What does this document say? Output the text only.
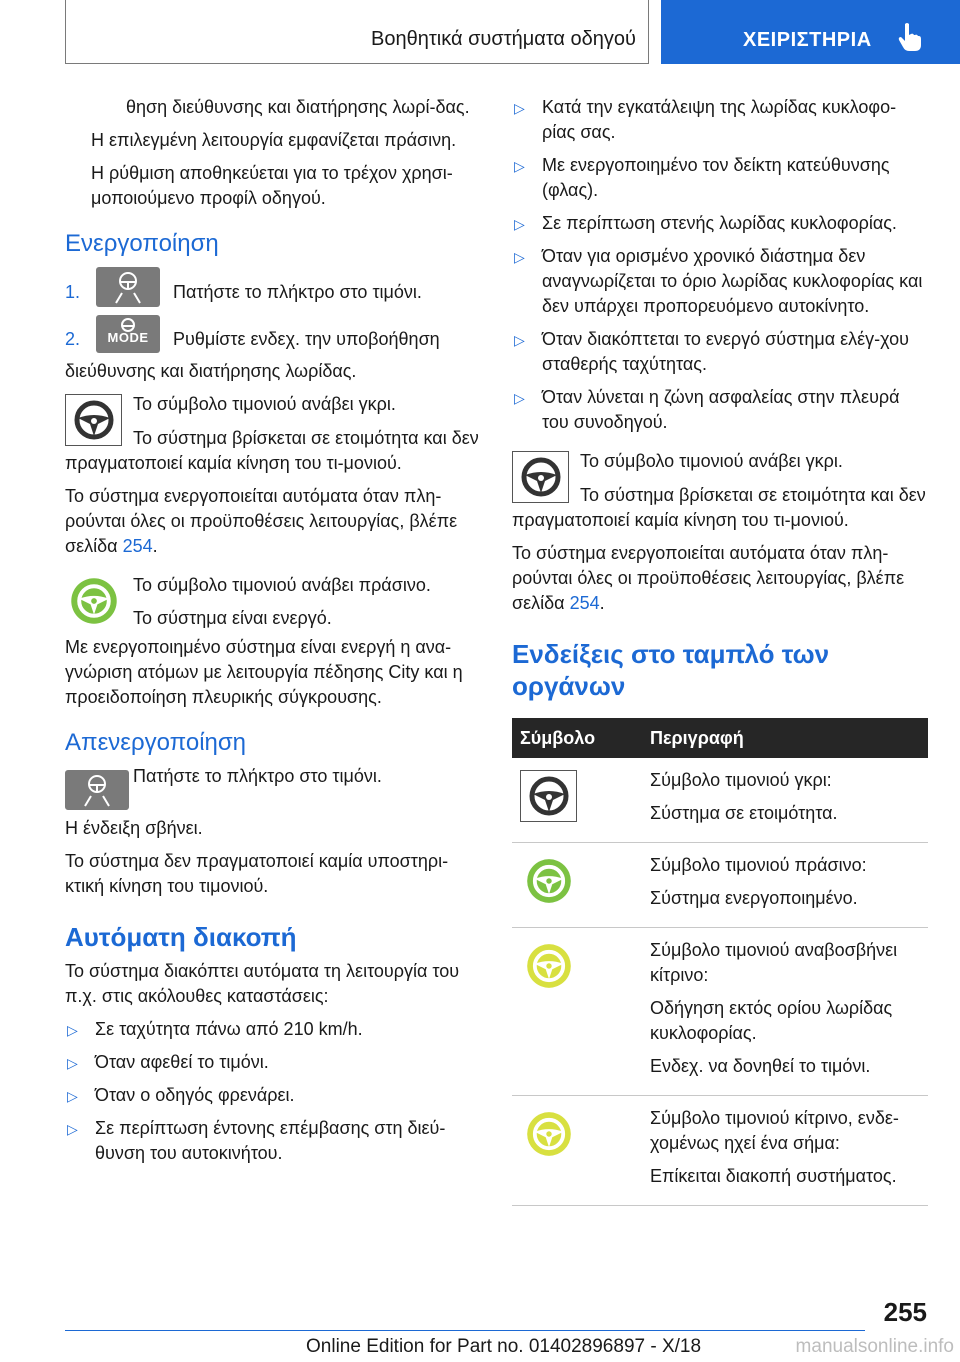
Βοηθητικά συστήματα οδηγού	ΧΕΙΡΙΣΤΗΡΙΑ

θηση διεύθυνσης και διατήρησης λωρί-δας.

Η επιλεγμένη λειτουργία εμφανίζεται πράσινη.

Η ρύθμιση αποθηκεύεται για το τρέχον χρησι-μοποιούμενο προφίλ οδηγού.

Ενεργοποίηση
1.	Πατήστε το πλήκτρο στο τιμόνι.
2.	MODE	Ρυθμίστε ενδεχ. την υποβοήθηση διεύθυνσης και διατήρησης λωρίδας.

Το σύμβολο τιμονιού ανάβει γκρι.

Το σύστημα βρίσκεται σε ετοιμότητα και δεν πραγματοποιεί καμία κίνηση του τι-μονιού.

Το σύστημα ενεργοποιείται αυτόματα όταν πλη-ρούνται όλες οι προϋποθέσεις λειτουργίας, βλέπε σελίδα 254.

Το σύμβολο τιμονιού ανάβει πράσινο.

Το σύστημα είναι ενεργό.

Με ενεργοποιημένο σύστημα είναι ενεργή η ανα-γνώριση ατόμων με λειτουργία πέδησης City και η προειδοποίηση πλευρικής σύγκρουσης.

Απενεργοποίηση

Πατήστε το πλήκτρο στο τιμόνι.

Η ένδειξη σβήνει.

Το σύστημα δεν πραγματοποιεί καμία υποστηρι-κτική κίνηση του τιμονιού.

Αυτόματη διακοπή

Το σύστημα διακόπτει αυτόματα τη λειτουργία του π.χ. στις ακόλουθες καταστάσεις:

▷ Σε ταχύτητα πάνω από 210 km/h.
▷ Όταν αφεθεί το τιμόνι.
▷ Όταν ο οδηγός φρενάρει.
▷ Σε περίπτωση έντονης επέμβασης στη διεύ-θυνση του αυτοκινήτου.
▷ Κατά την εγκατάλειψη της λωρίδας κυκλοφο-ρίας σας.
▷ Με ενεργοποιημένο τον δείκτη κατεύθυνσης (φλας).
▷ Σε περίπτωση στενής λωρίδας κυκλοφορίας.
▷ Όταν για ορισμένο χρονικό διάστημα δεν αναγνωρίζεται το όριο λωρίδας κυκλοφορίας και δεν υπάρχει προπορευόμενο αυτοκίνητο.
▷ Όταν διακόπτεται το ενεργό σύστημα ελέγ-χου σταθερής ταχύτητας.
▷ Όταν λύνεται η ζώνη ασφαλείας στην πλευρά του συνοδηγού.

Το σύμβολο τιμονιού ανάβει γκρι.

Το σύστημα βρίσκεται σε ετοιμότητα και δεν πραγματοποιεί καμία κίνηση του τι-μονιού.

Το σύστημα ενεργοποιείται αυτόματα όταν πλη-ρούνται όλες οι προϋποθέσεις λειτουργίας, βλέπε σελίδα 254.

Ενδείξεις στο ταμπλό των οργάνων
Σύμβολο	Περιγραφή

Σύμβολο τιμονιού γκρι:

Σύστημα σε ετοιμότητα.

Σύμβολο τιμονιού πράσινο:

Σύστημα ενεργοποιημένο.

Σύμβολο τιμονιού αναβοσβήνει κίτρινο:

Οδήγηση εκτός ορίου λωρίδας κυκλοφορίας.

Ενδεχ. να δονηθεί το τιμόνι.

Σύμβολο τιμονιού κίτρινο, ενδε-χομένως ηχεί ένα σήμα:

Επίκειται διακοπή συστήματος.

255
Online Edition for Part no. 01402896897 - X/18	manualsonline.info
